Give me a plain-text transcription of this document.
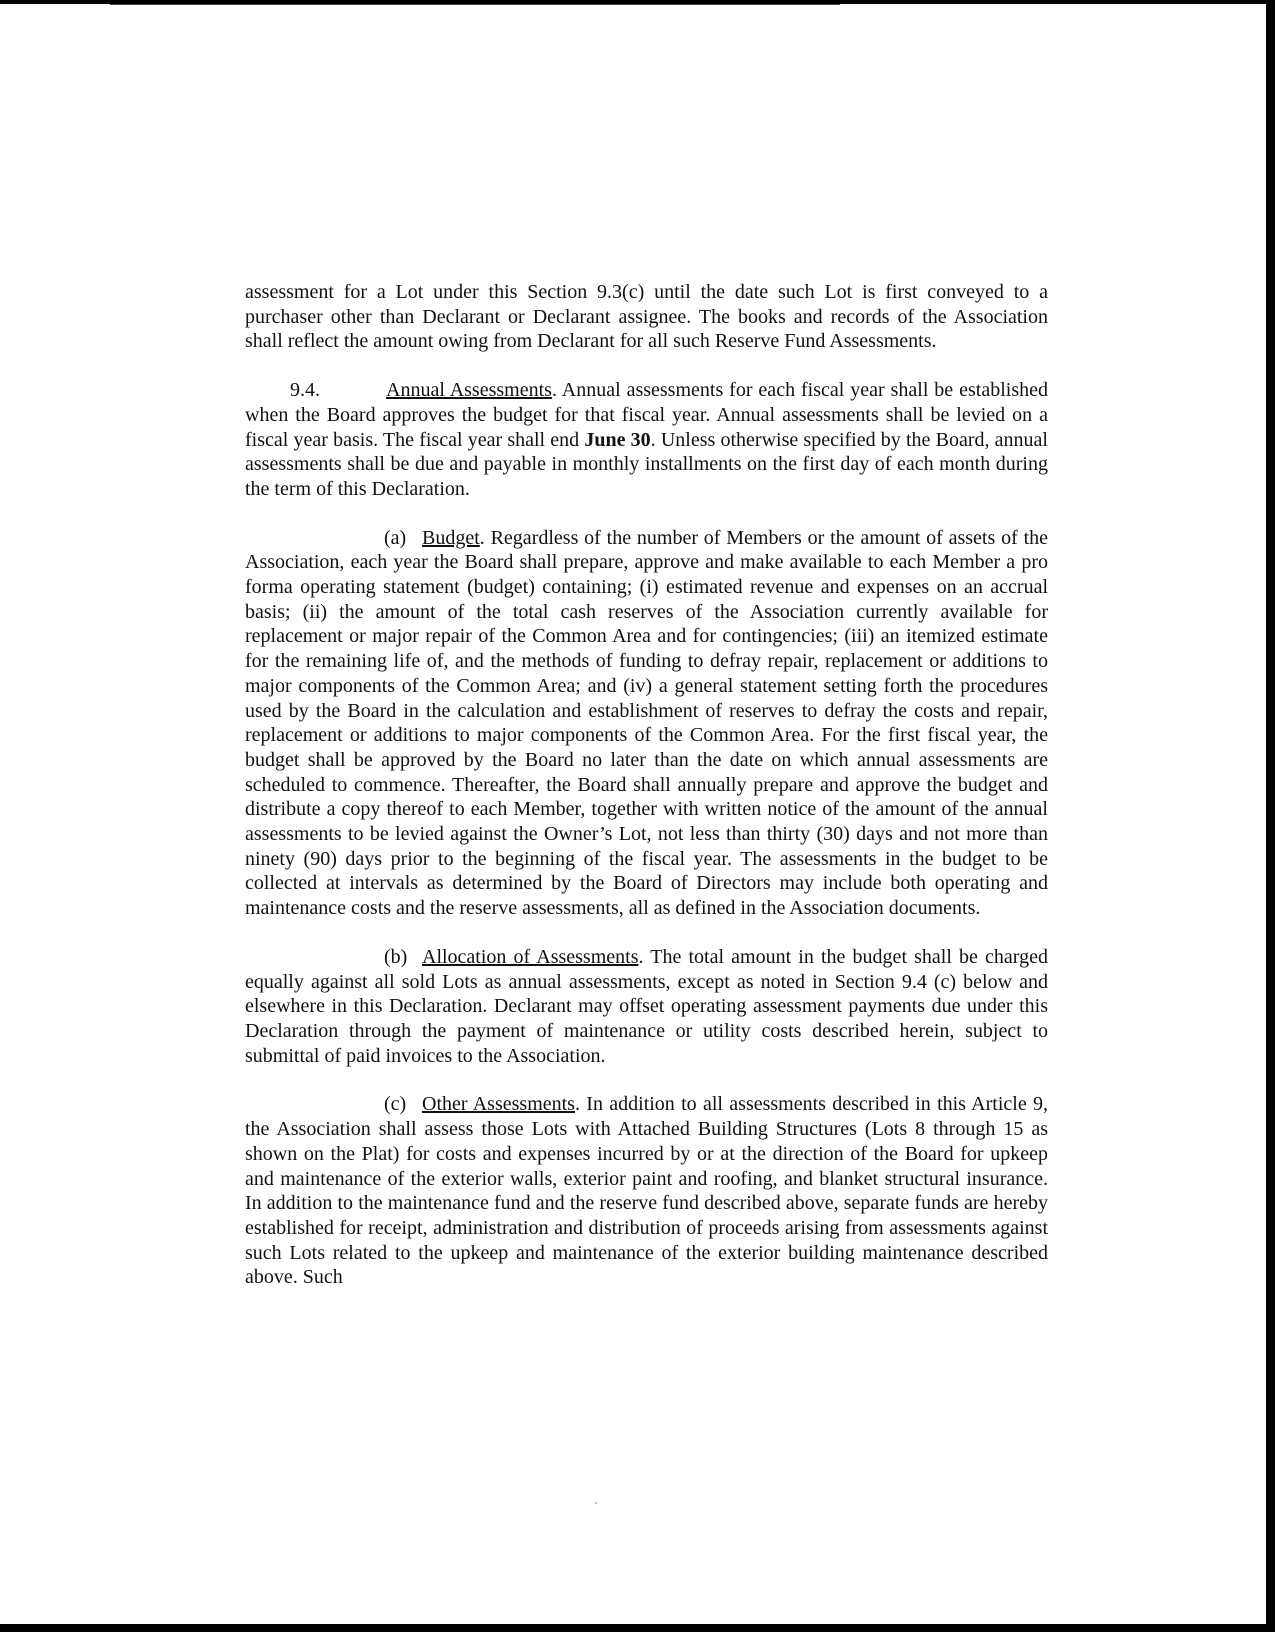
assessment for a Lot under this Section 9.3(c) until the date such Lot is first conveyed to a purchaser other than Declarant or Declarant assignee. The books and records of the Association shall reflect the amount owing from Declarant for all such Reserve Fund Assessments.

9.4.	Annual Assessments. Annual assessments for each fiscal year shall be established when the Board approves the budget for that fiscal year. Annual assessments shall be levied on a fiscal year basis. The fiscal year shall end June 30. Unless otherwise specified by the Board, annual assessments shall be due and payable in monthly installments on the first day of each month during the term of this Declaration.

(a) Budget. Regardless of the number of Members or the amount of assets of the Association, each year the Board shall prepare, approve and make available to each Member a pro forma operating statement (budget) containing; (i) estimated revenue and expenses on an accrual basis; (ii) the amount of the total cash reserves of the Association currently available for replacement or major repair of the Common Area and for contingencies; (iii) an itemized estimate for the remaining life of, and the methods of funding to defray repair, replacement or additions to major components of the Common Area; and (iv) a general statement setting forth the procedures used by the Board in the calculation and establishment of reserves to defray the costs and repair, replacement or additions to major components of the Common Area. For the first fiscal year, the budget shall be approved by the Board no later than the date on which annual assessments are scheduled to commence. Thereafter, the Board shall annually prepare and approve the budget and distribute a copy thereof to each Member, together with written notice of the amount of the annual assessments to be levied against the Owner’s Lot, not less than thirty (30) days and not more than ninety (90) days prior to the beginning of the fiscal year. The assessments in the budget to be collected at intervals as determined by the Board of Directors may include both operating and maintenance costs and the reserve assessments, all as defined in the Association documents.

(b) Allocation of Assessments. The total amount in the budget shall be charged equally against all sold Lots as annual assessments, except as noted in Section 9.4 (c) below and elsewhere in this Declaration. Declarant may offset operating assessment payments due under this Declaration through the payment of maintenance or utility costs described herein, subject to submittal of paid invoices to the Association.

(c) Other Assessments. In addition to all assessments described in this Article 9, the Association shall assess those Lots with Attached Building Structures (Lots 8 through 15 as shown on the Plat) for costs and expenses incurred by or at the direction of the Board for upkeep and maintenance of the exterior walls, exterior paint and roofing, and blanket structural insurance. In addition to the maintenance fund and the reserve fund described above, separate funds are hereby established for receipt, administration and distribution of proceeds arising from assessments against such Lots related to the upkeep and maintenance of the exterior building maintenance described above. Such
